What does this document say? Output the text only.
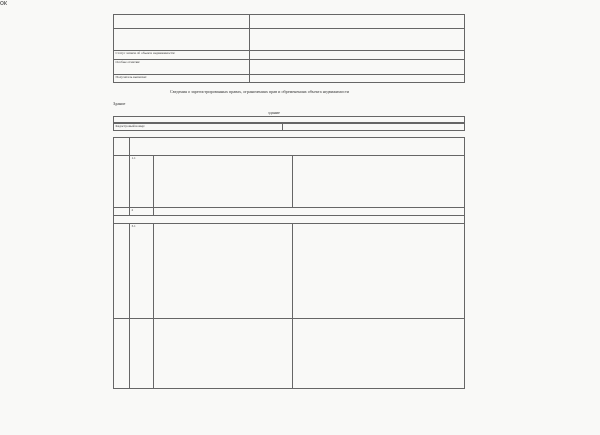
ок

Статус записи об объекте недвижимости:	
Особые отметки:	
Получатель выписки:	
Сведения о зарегистрированных правах, ограничениях прав и обременениях объекта недвижимости
Здание
здание
Кадастровый номер:	

	1.1		
	2		

	3.1		
